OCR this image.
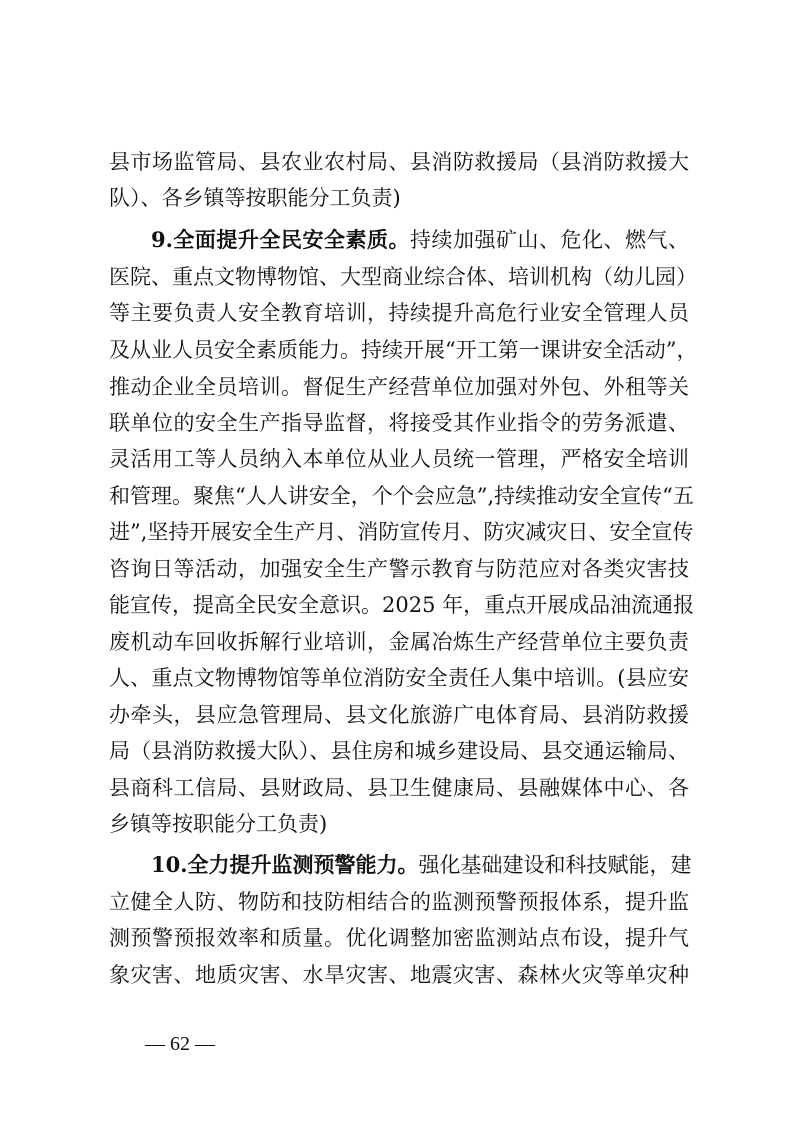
县市场监管局、县农业农村局、县消防救援局（县消防救援大
队）、各乡镇等按职能分工负责)
9.全面提升全民安全素质。持续加强矿山、危化、燃气、
医院、重点文物博物馆、大型商业综合体、培训机构（幼儿园）
等主要负责人安全教育培训，持续提升高危行业安全管理人员
及从业人员安全素质能力。持续开展“开工第一课讲安全活动”，
推动企业全员培训。督促生产经营单位加强对外包、外租等关
联单位的安全生产指导监督，将接受其作业指令的劳务派遣、
灵活用工等人员纳入本单位从业人员统一管理，严格安全培训
和管理。聚焦“人人讲安全，个个会应急”,持续推动安全宣传“五
进”,坚持开展安全生产月、消防宣传月、防灾减灾日、安全宣传
咨询日等活动，加强安全生产警示教育与防范应对各类灾害技
能宣传，提高全民安全意识。2025 年，重点开展成品油流通报
废机动车回收拆解行业培训，金属冶炼生产经营单位主要负责
人、重点文物博物馆等单位消防安全责任人集中培训。(县应安
办牵头，县应急管理局、县文化旅游广电体育局、县消防救援
局（县消防救援大队）、县住房和城乡建设局、县交通运输局、
县商科工信局、县财政局、县卫生健康局、县融媒体中心、各
乡镇等按职能分工负责)
10.全力提升监测预警能力。强化基础建设和科技赋能，建
立健全人防、物防和技防相结合的监测预警预报体系，提升监
测预警预报效率和质量。优化调整加密监测站点布设，提升气
象灾害、地质灾害、水旱灾害、地震灾害、森林火灾等单灾种
— 62 —
